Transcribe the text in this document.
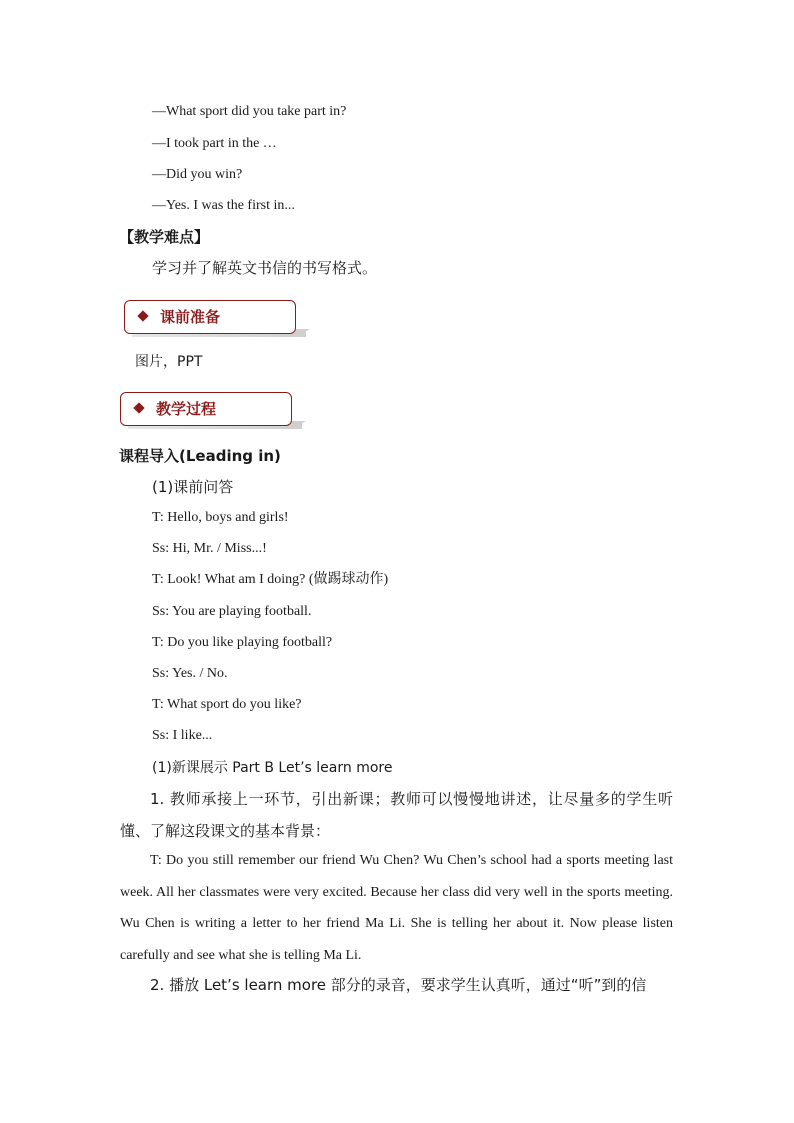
—What sport did you take part in?
—I took part in the …
—Did you win?
—Yes. I was the first in...
【教学难点】
学习并了解英文书信的书写格式。
课前准备
图片，PPT
教学过程
课程导入(Leading in)
(1)课前问答
T: Hello, boys and girls!
Ss: Hi, Mr. / Miss...!
T: Look! What am I doing? (做踢球动作)
Ss: You are playing football.
T: Do you like playing football?
Ss: Yes. / No.
T: What sport do you like?
Ss: I like...
(1)新课展示 Part B Let’s learn more
1. 教师承接上一环节，引出新课；教师可以慢慢地讲述，让尽量多的学生听懂、了解这段课文的基本背景：
T: Do you still remember our friend Wu Chen? Wu Chen’s school had a sports meeting last week. All her classmates were very excited. Because her class did very well in the sports meeting. Wu Chen is writing a letter to her friend Ma Li. She is telling her about it. Now please listen carefully and see what she is telling Ma Li.
2. 播放 Let’s learn more 部分的录音，要求学生认真听，通过“听”到的信
